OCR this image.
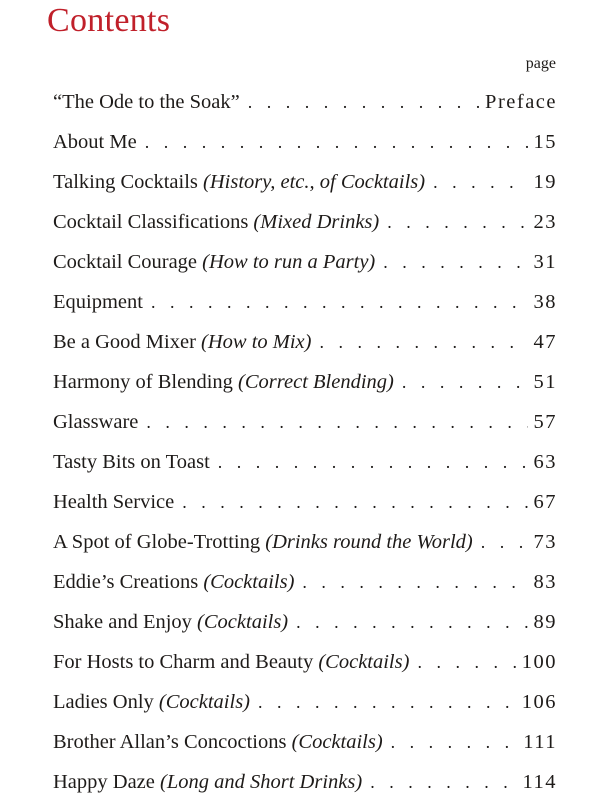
Contents
page
“The Ode to the Soak” . . .	Preface
About Me . . .	15
Talking Cocktails (History, etc., of Cocktails) . . .	19
Cocktail Classifications (Mixed Drinks) . . .	23
Cocktail Courage (How to run a Party) . . .	31
Equipment . . .	38
Be a Good Mixer (How to Mix) . . .	47
Harmony of Blending (Correct Blending) . . .	51
Glassware . . .	57
Tasty Bits on Toast . . .	63
Health Service . . .	67
A Spot of Globe-Trotting (Drinks round the World) . . .	73
Eddie’s Creations (Cocktails) . . .	83
Shake and Enjoy (Cocktails) . . .	89
For Hosts to Charm and Beauty (Cocktails) . . .	100
Ladies Only (Cocktails) . . .	106
Brother Allan’s Concoctions (Cocktails) . . .	111
Happy Daze (Long and Short Drinks) . . .	114
